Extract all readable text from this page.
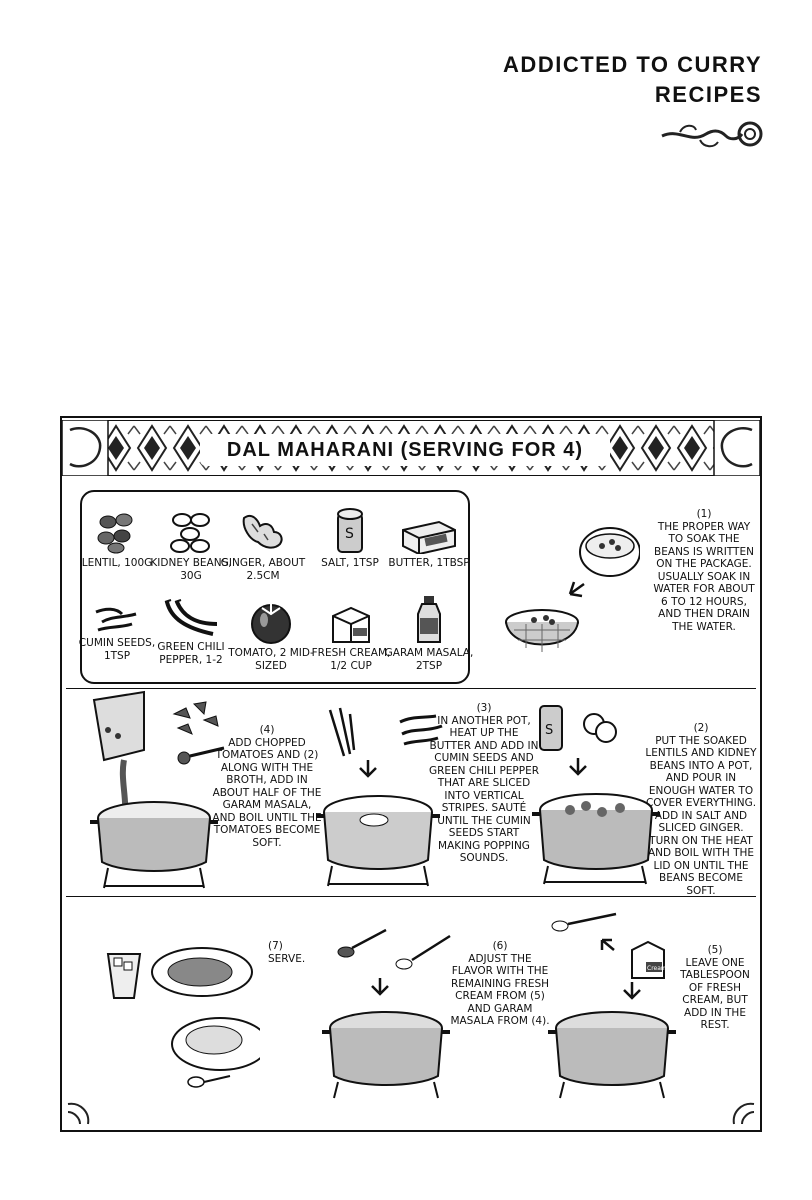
ADDICTED TO CURRY
RECIPES
DAL MAHARANI (SERVING FOR 4)
LENTIL, 100G
KIDNEY BEANS, 30G
GINGER, ABOUT 2.5CM
S
SALT, 1TSP BUTTER, 1TBSP
CUMIN SEEDS, 1TSP
GREEN CHILI PEPPER, 1-2
TOMATO, 2 MID-SIZED
FRESH CREAM, 1/2 CUP
GARAM MASALA, 2TSP
(1)
THE PROPER WAY TO SOAK THE BEANS IS WRITTEN ON THE PACKAGE. USUALLY SOAK IN WATER FOR ABOUT 6 TO 12 HOURS, AND THEN DRAIN THE WATER.
(4)
ADD CHOPPED TOMATOES AND (2) ALONG WITH THE BROTH, ADD IN ABOUT HALF OF THE GARAM MASALA, AND BOIL UNTIL THE TOMATOES BECOME SOFT.
(3)
IN ANOTHER POT, HEAT UP THE BUTTER AND ADD IN CUMIN SEEDS AND GREEN CHILI PEPPER THAT ARE SLICED INTO VERTICAL STRIPES. SAUTÉ UNTIL THE CUMIN SEEDS START MAKING POPPING SOUNDS.
S	(2)
PUT THE SOAKED LENTILS AND KIDNEY BEANS INTO A POT, AND POUR IN ENOUGH WATER TO COVER EVERYTHING. ADD IN SALT AND SLICED GINGER. TURN ON THE HEAT AND BOIL WITH THE LID ON UNTIL THE BEANS BECOME SOFT.
(7)
SERVE.
(6)
ADJUST THE FLAVOR WITH THE REMAINING FRESH CREAM FROM (5) AND GARAM MASALA FROM (4).
Cream
(5)
LEAVE ONE TABLESPOON OF FRESH CREAM, BUT ADD IN THE REST.
